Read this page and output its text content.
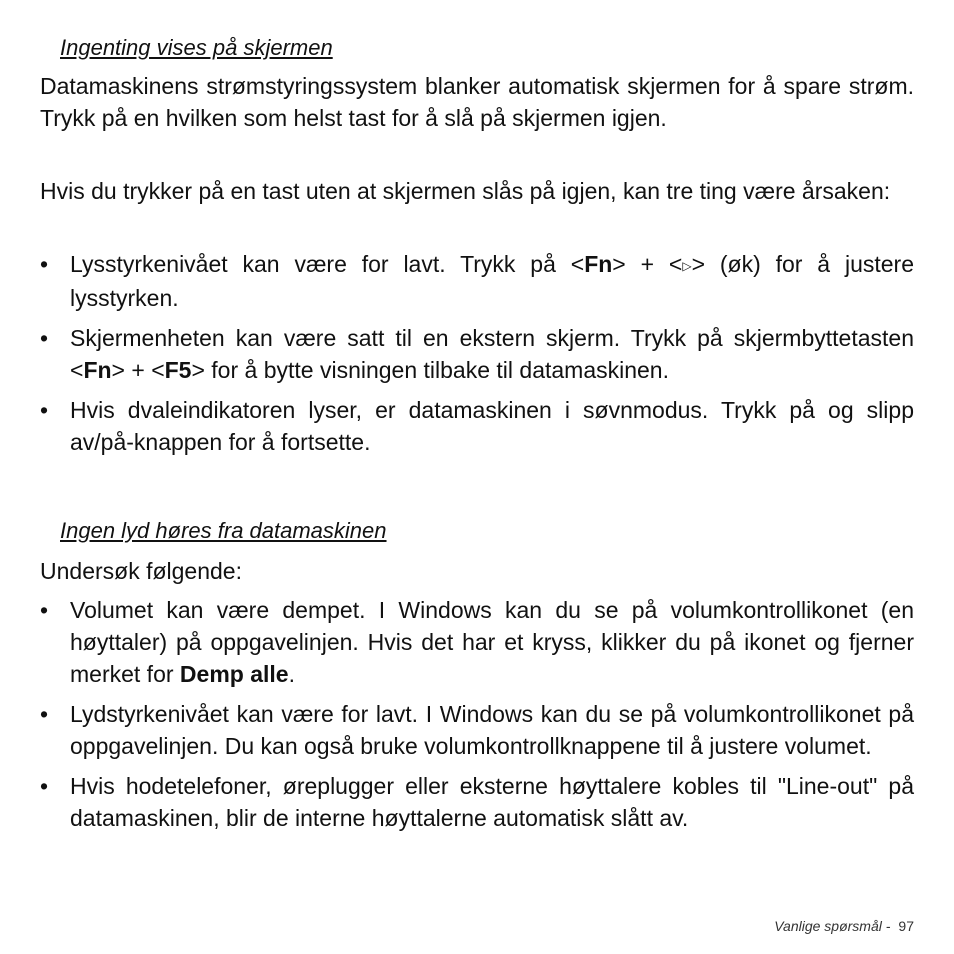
Ingenting vises på skjermen

Datamaskinens strømstyringssystem blanker automatisk skjermen for å spare strøm. Trykk på en hvilken som helst tast for å slå på skjermen igjen.

Hvis du trykker på en tast uten at skjermen slås på igjen, kan tre ting være årsaken:

• Lysstyrkenivået kan være for lavt. Trykk på <Fn> + <▷> (øk) for å justere lysstyrken.
• Skjermenheten kan være satt til en ekstern skjerm. Trykk på skjermbyttetasten <Fn> + <F5> for å bytte visningen tilbake til datamaskinen.
• Hvis dvaleindikatoren lyser, er datamaskinen i søvnmodus. Trykk på og slipp av/på-knappen for å fortsette.
Ingen lyd høres fra datamaskinen

Undersøk følgende:

• Volumet kan være dempet. I Windows kan du se på volumkontrollikonet (en høyttaler) på oppgavelinjen. Hvis det har et kryss, klikker du på ikonet og fjerner merket for Demp alle.
• Lydstyrkenivået kan være for lavt. I Windows kan du se på volumkontrollikonet på oppgavelinjen. Du kan også bruke volumkontrollknappene til å justere volumet.
• Hvis hodetelefoner, øreplugger eller eksterne høyttalere kobles til "Line-out" på datamaskinen, blir de interne høyttalerne automatisk slått av.
Vanlige spørsmål - 97
